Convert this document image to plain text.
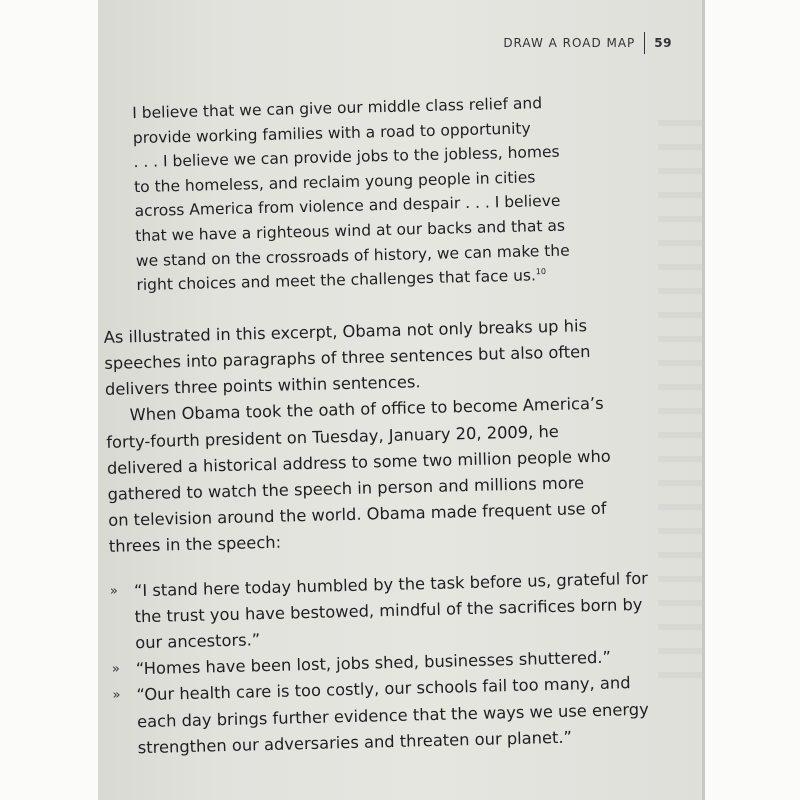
DRAW A ROAD MAP 59
I believe that we can give our middle class relief and
provide working families with a road to opportunity
. . . I believe we can provide jobs to the jobless, homes
to the homeless, and reclaim young people in cities
across America from violence and despair . . . I believe
that we have a righteous wind at our backs and that as
we stand on the crossroads of history, we can make the
right choices and meet the challenges that face us.$^{10}$
As illustrated in this excerpt, Obama not only breaks up his
speeches into paragraphs of three sentences but also often
delivers three points within sentences.
When Obama took the oath of office to become America’s
forty-fourth president on Tuesday, January 20, 2009, he
delivered a historical address to some two million people who
gathered to watch the speech in person and millions more
on television around the world. Obama made frequent use of
threes in the speech:
» “I stand here today humbled by the task before us, grateful for
the trust you have bestowed, mindful of the sacrifices born by
our ancestors.”
» “Homes have been lost, jobs shed, businesses shuttered.”
» “Our health care is too costly, our schools fail too many, and
each day brings further evidence that the ways we use energy
strengthen our adversaries and threaten our planet.”
